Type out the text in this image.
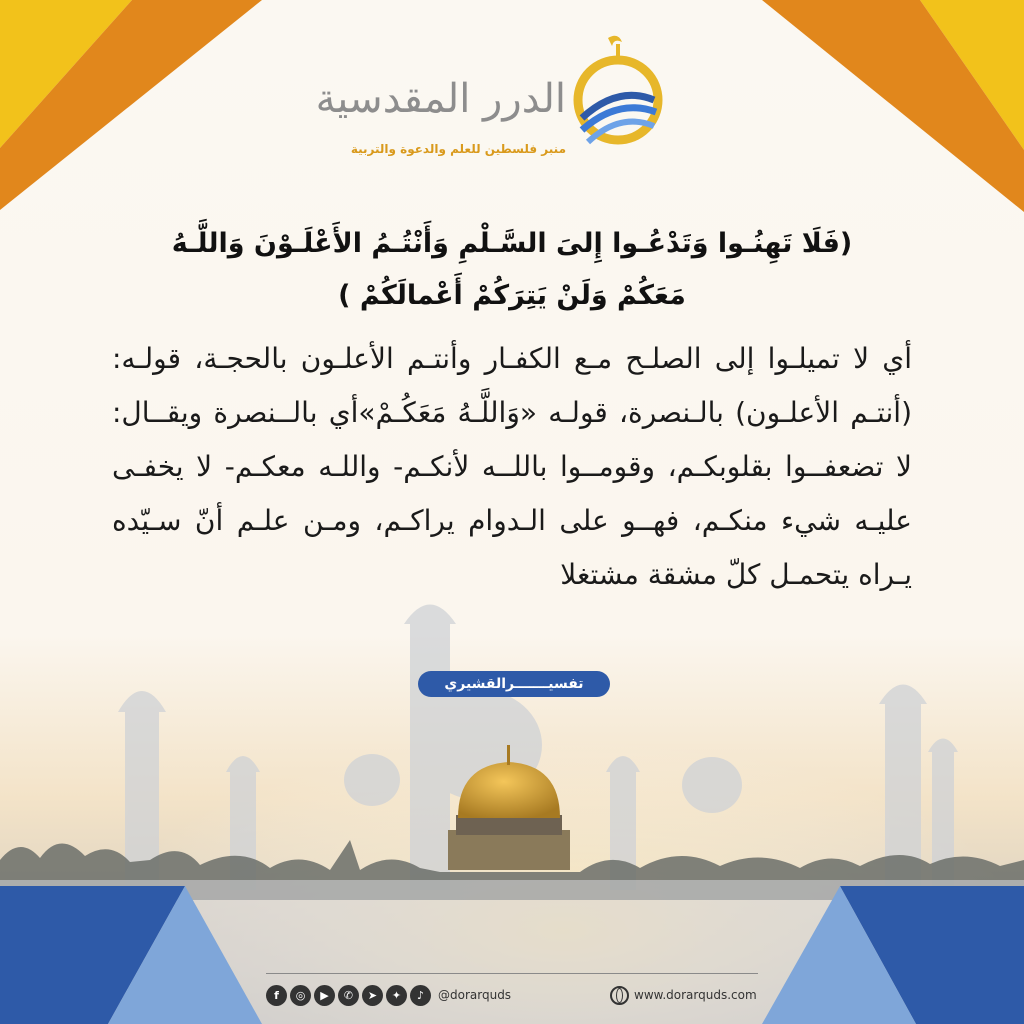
الدرر المقدسية
منبر فلسطين للعلم والدعوة والتربية
(فَلَا تَهِنُـوا وَتَدْعُـوا إِلىَ السَّـلْمِ وَأَنْتُـمُ الأَعْلَـوْنَ وَاللَّـهُ
مَعَكُمْ وَلَنْ يَتِرَكُمْ أَعْمالَكُمْ )
أي لا تميلـوا إلى الصلـح مـع الكفـار وأنتـم الأعلـون بالحجـة، قولـه: (أنتـم الأعلـون) بالـنصرة، قولـه «وَاللَّـهُ مَعَكُـمْ»أي بالــنصرة ويقــال: لا تضعفــوا بقلوبكـم، وقومــوا باللــه لأنكـم- واللـه معكـم- لا يخفـى عليـه شيء منكـم، فهــو على الـدوام يراكـم، ومـن علـم أنّ سـيّده يـراه يتحمـل كلّ مشقة مشتغلا
تفسيـــــــرالقشيري
f	◎	▶	✆	➤	✦	♪	@dorarquds	www.dorarquds.com
